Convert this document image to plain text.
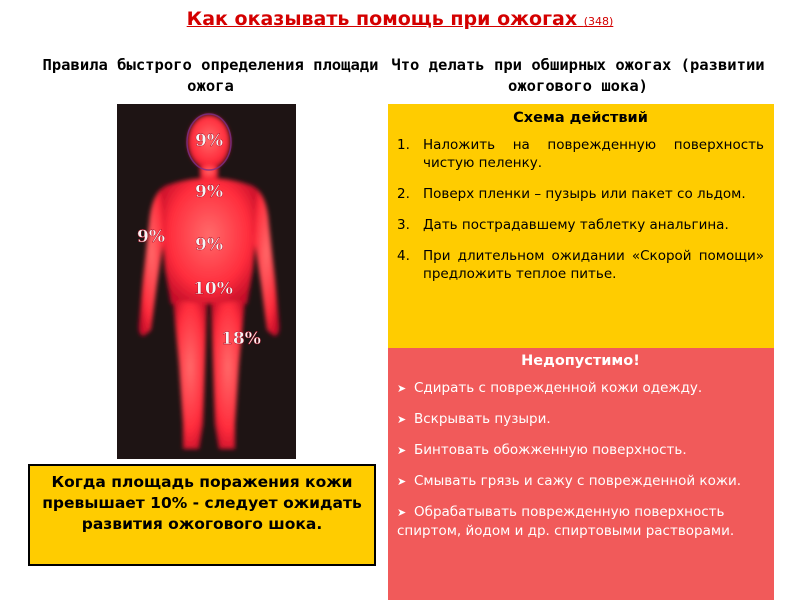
Как оказывать помощь при ожогах (348)
Правила быстрого определения площади ожога
Что делать при обширных ожогах (развитии ожогового шока)
9%
9%
9% 9%
10%
18%
Когда площадь поражения кожи превышает 10% - следует ожидать развития ожогового шока.
Схема действий
1. Наложить на поврежденную поверхность чистую пеленку.
2. Поверх пленки – пузырь или пакет со льдом.
3. Дать пострадавшему таблетку анальгина.
4. При длительном ожидании «Скорой помощи» предложить теплое питье.
Недопустимо!
➤ Сдирать с поврежденной кожи одежду.
➤ Вскрывать пузыри.
➤ Бинтовать обожженную поверхность.
➤ Смывать грязь и сажу с поврежденной кожи.
➤ Обрабатывать поврежденную поверхность спиртом, йодом и др. спиртовыми растворами.
